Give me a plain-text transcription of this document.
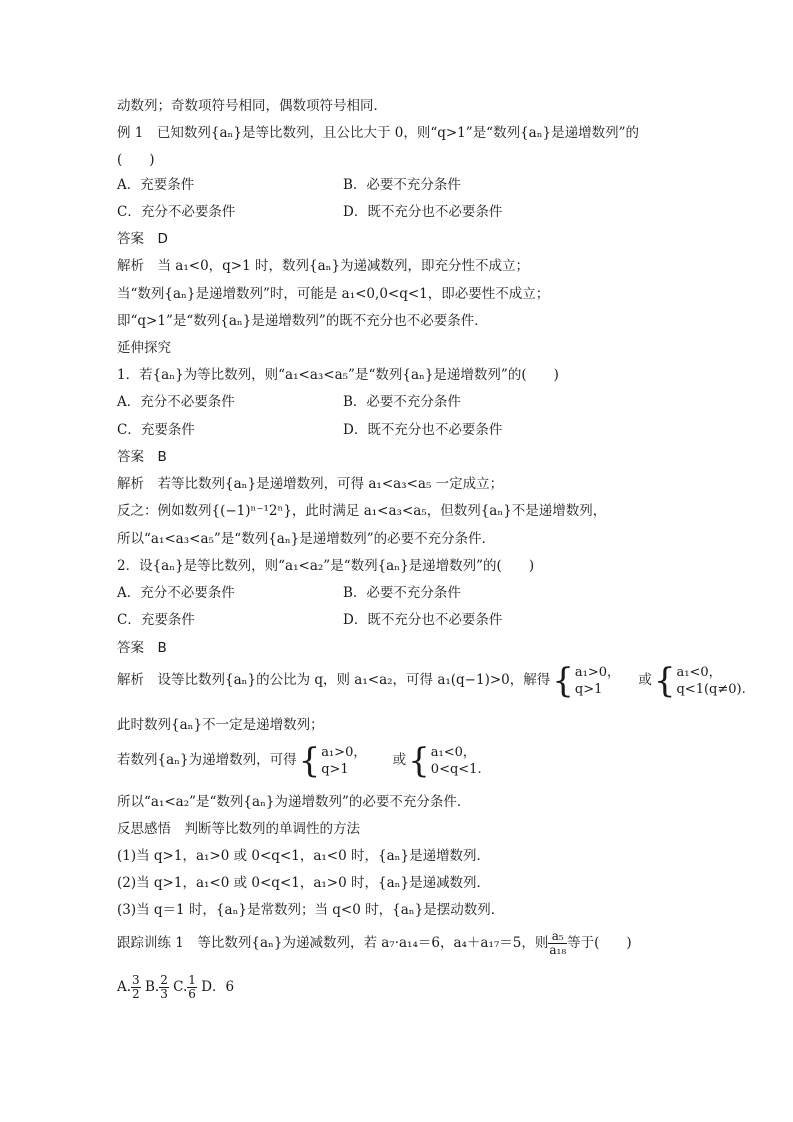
动数列；奇数项符号相同，偶数项符号相同．
例 1　已知数列{aₙ}是等比数列，且公比大于 0，则“q>1”是“数列{aₙ}是递增数列”的
(　　)
A．充要条件	B．必要不充分条件
C．充分不必要条件	D．既不充分也不必要条件
答案　D
解析　当 a₁<0，q>1 时，数列{aₙ}为递减数列，即充分性不成立；
当“数列{aₙ}是递增数列”时，可能是 a₁<0,0<q<1，即必要性不成立；
即“q>1”是“数列{aₙ}是递增数列”的既不充分也不必要条件．
延伸探究
1．若{aₙ}为等比数列，则“a₁<a₃<a₅”是“数列{aₙ}是递增数列”的(　　)
A．充分不必要条件	B．必要不充分条件
C．充要条件	D．既不充分也不必要条件
答案　B
解析　若等比数列{aₙ}是递增数列，可得 a₁<a₃<a₅ 一定成立；
反之：例如数列{(−1)ⁿ⁻¹2ⁿ}，此时满足 a₁<a₃<a₅，但数列{aₙ}不是递增数列，
所以“a₁<a₃<a₅”是“数列{aₙ}是递增数列”的必要不充分条件．
2．设{aₙ}是等比数列，则“a₁<a₂”是“数列{aₙ}是递增数列”的(　　)
A．充分不必要条件	B．必要不充分条件
C．充要条件	D．既不充分也不必要条件
答案　B
解析　设等比数列{aₙ}的公比为 q，则 a₁<a₂，可得 a₁(q−1)>0，解得{ a₁>0，
q>1
或{ a₁<0，
q<1(q≠0).
此时数列{aₙ}不一定是递增数列；
若数列{aₙ}为递增数列，可得{ a₁>0，
q>1
或{ a₁<0，
0<q<1.
所以“a₁<a₂”是“数列{aₙ}为递增数列”的必要不充分条件．
反思感悟　判断等比数列的单调性的方法
(1)当 q>1，a₁>0 或 0<q<1，a₁<0 时，{aₙ}是递增数列．
(2)当 q>1，a₁<0 或 0<q<1，a₁>0 时，{aₙ}是递减数列．
(3)当 q＝1 时，{aₙ}是常数列；当 q<0 时，{aₙ}是摆动数列．
跟踪训练 1　等比数列{aₙ}为递减数列，若 a₇·a₁₄＝6，a₄＋a₁₇＝5，则 $\frac{\text{a₅}}{\text{a₁₈}}$ 等于(　　)
A. $\frac{3}{2} B$. $\frac{2}{3} C$. $\frac{1}{6}$ D．6
